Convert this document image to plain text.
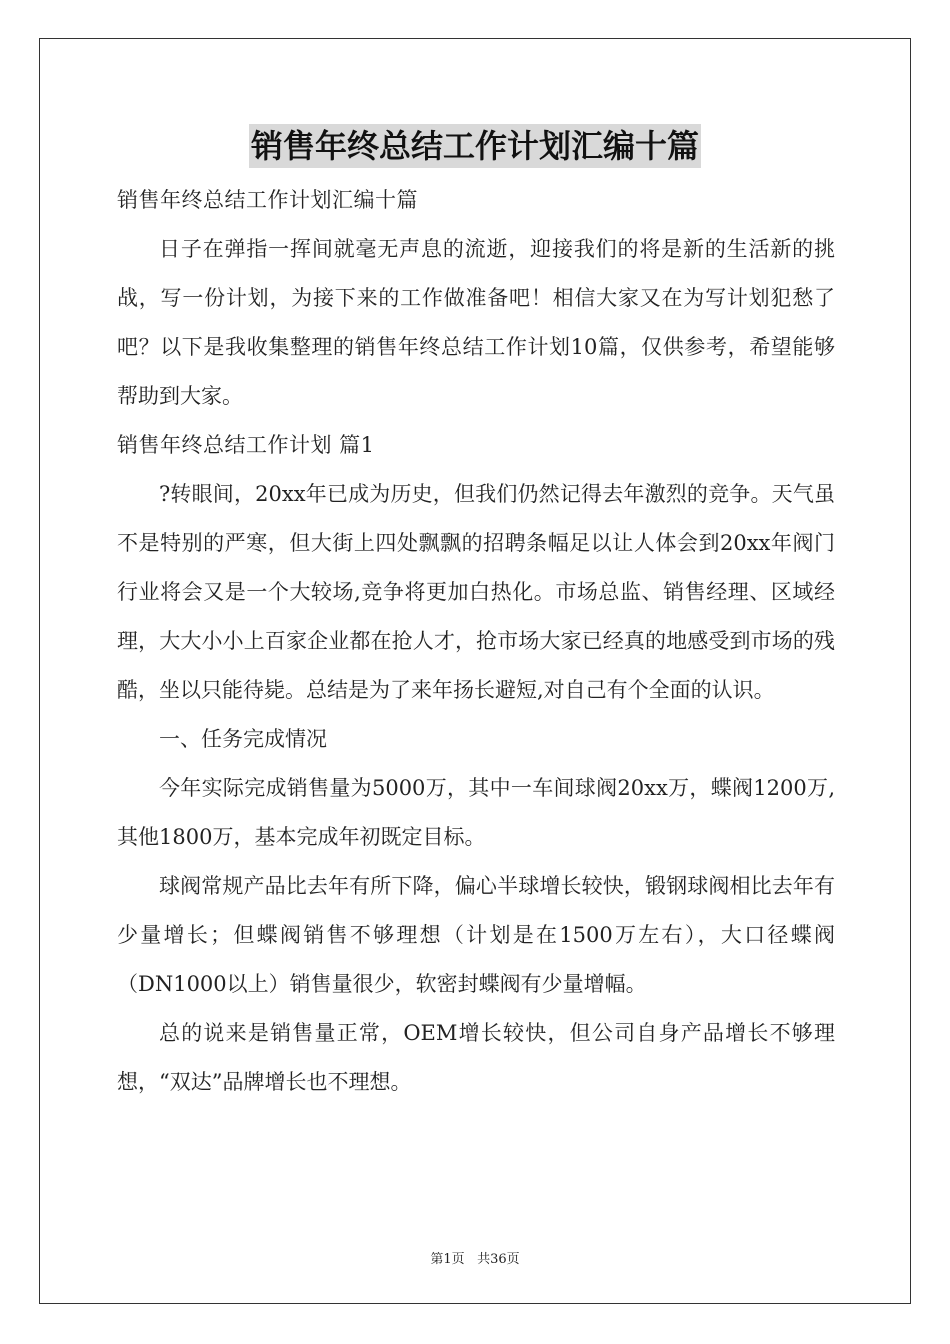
销售年终总结工作计划汇编十篇

销售年终总结工作计划汇编十篇

日子在弹指一挥间就毫无声息的流逝，迎接我们的将是新的生活新的挑战，写一份计划，为接下来的工作做准备吧！相信大家又在为写计划犯愁了吧？以下是我收集整理的销售年终总结工作计划10篇，仅供参考，希望能够帮助到大家。

销售年终总结工作计划 篇1

?转眼间，20xx年已成为历史，但我们仍然记得去年激烈的竞争。天气虽不是特别的严寒，但大街上四处飘飘的招聘条幅足以让人体会到20xx年阀门行业将会又是一个大较场,竞争将更加白热化。市场总监、销售经理、区域经理，大大小小上百家企业都在抢人才，抢市场大家已经真的地感受到市场的残酷，坐以只能待毙。总结是为了来年扬长避短,对自己有个全面的认识。

一、任务完成情况

今年实际完成销售量为5000万，其中一车间球阀20xx万，蝶阀1200万,其他1800万，基本完成年初既定目标。

球阀常规产品比去年有所下降，偏心半球增长较快，锻钢球阀相比去年有少量增长；但蝶阀销售不够理想（计划是在1500万左右），大口径蝶阀（DN1000以上）销售量很少，软密封蝶阀有少量增幅。

总的说来是销售量正常，OEM增长较快，但公司自身产品增长不够理想，“双达”品牌增长也不理想。

第1页 共36页
